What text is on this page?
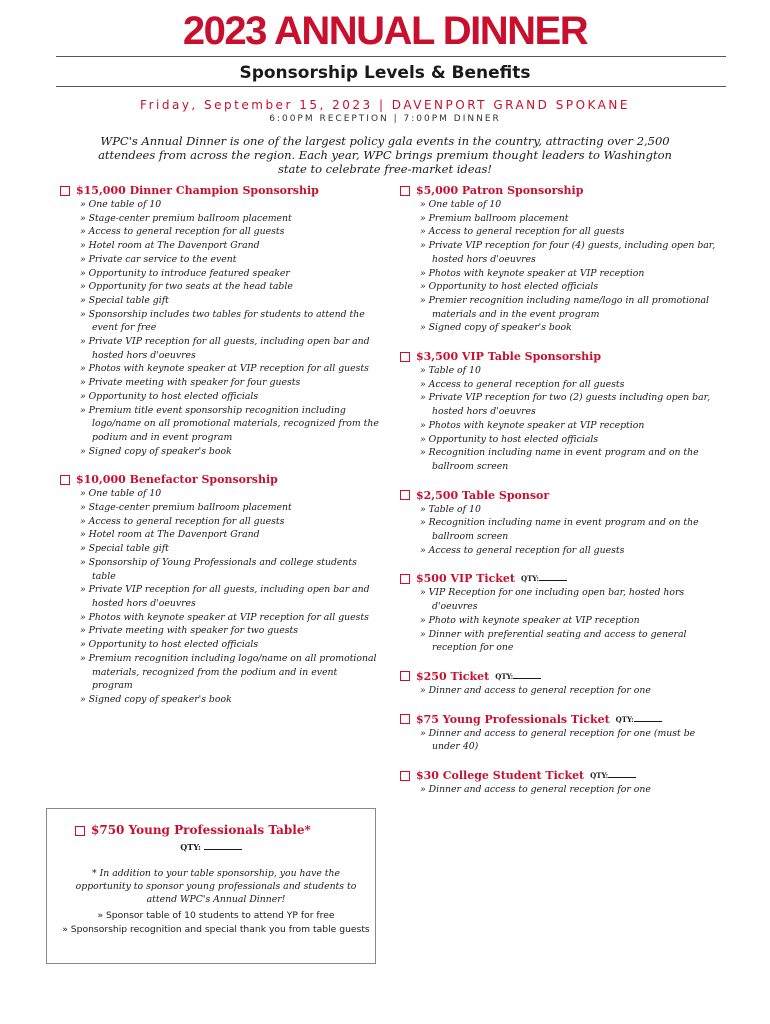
2023 ANNUAL DINNER
Sponsorship Levels & Benefits
Friday, September 15, 2023 | DAVENPORT GRAND SPOKANE
6:00PM RECEPTION | 7:00PM DINNER
WPC's Annual Dinner is one of the largest policy gala events in the country, attracting over 2,500 attendees from across the region. Each year, WPC brings premium thought leaders to Washington state to celebrate free-market ideas!
$15,000 Dinner Champion Sponsorship
» One table of 10
» Stage-center premium ballroom placement
» Access to general reception for all guests
» Hotel room at The Davenport Grand
» Private car service to the event
» Opportunity to introduce featured speaker
» Opportunity for two seats at the head table
» Special table gift
» Sponsorship includes two tables for students to attend the event for free
» Private VIP reception for all guests, including open bar and hosted hors d'oeuvres
» Photos with keynote speaker at VIP reception for all guests
» Private meeting with speaker for four guests
» Opportunity to host elected officials
» Premium title event sponsorship recognition including logo/name on all promotional materials, recognized from the podium and in event program
» Signed copy of speaker's book
$10,000 Benefactor Sponsorship
» One table of 10
» Stage-center premium ballroom placement
» Access to general reception for all guests
» Hotel room at The Davenport Grand
» Special table gift
» Sponsorship of Young Professionals and college students table
» Private VIP reception for all guests, including open bar and hosted hors d'oeuvres
» Photos with keynote speaker at VIP reception for all guests
» Private meeting with speaker for two guests
» Opportunity to host elected officials
» Premium recognition including logo/name on all promotional materials, recognized from the podium and in event program
» Signed copy of speaker's book
$5,000 Patron Sponsorship
» One table of 10
» Premium ballroom placement
» Access to general reception for all guests
» Private VIP reception for four (4) guests, including open bar, hosted hors d'oeuvres
» Photos with keynote speaker at VIP reception
» Opportunity to host elected officials
» Premier recognition including name/logo in all promotional materials and in the event program
» Signed copy of speaker's book
$3,500 VIP Table Sponsorship
» Table of 10
» Access to general reception for all guests
» Private VIP reception for two (2) guests including open bar, hosted hors d'oeuvres
» Photos with keynote speaker at VIP reception
» Opportunity to host elected officials
» Recognition including name in event program and on the ballroom screen
$2,500 Table Sponsor
» Table of 10
» Recognition including name in event program and on the ballroom screen
» Access to general reception for all guests
$500 VIP Ticket QTY:
» VIP Reception for one including open bar, hosted hors d'oeuvres
» Photo with keynote speaker at VIP reception
» Dinner with preferential seating and access to general reception for one
$250 Ticket QTY:
» Dinner and access to general reception for one
$75 Young Professionals Ticket QTY:
» Dinner and access to general reception for one (must be under 40)
$30 College Student Ticket QTY:
» Dinner and access to general reception for one
$750 Young Professionals Table*
QTY:
* In addition to your table sponsorship, you have the opportunity to sponsor young professionals and students to attend WPC's Annual Dinner!
» Sponsor table of 10 students to attend YP for free
» Sponsorship recognition and special thank you from table guests
